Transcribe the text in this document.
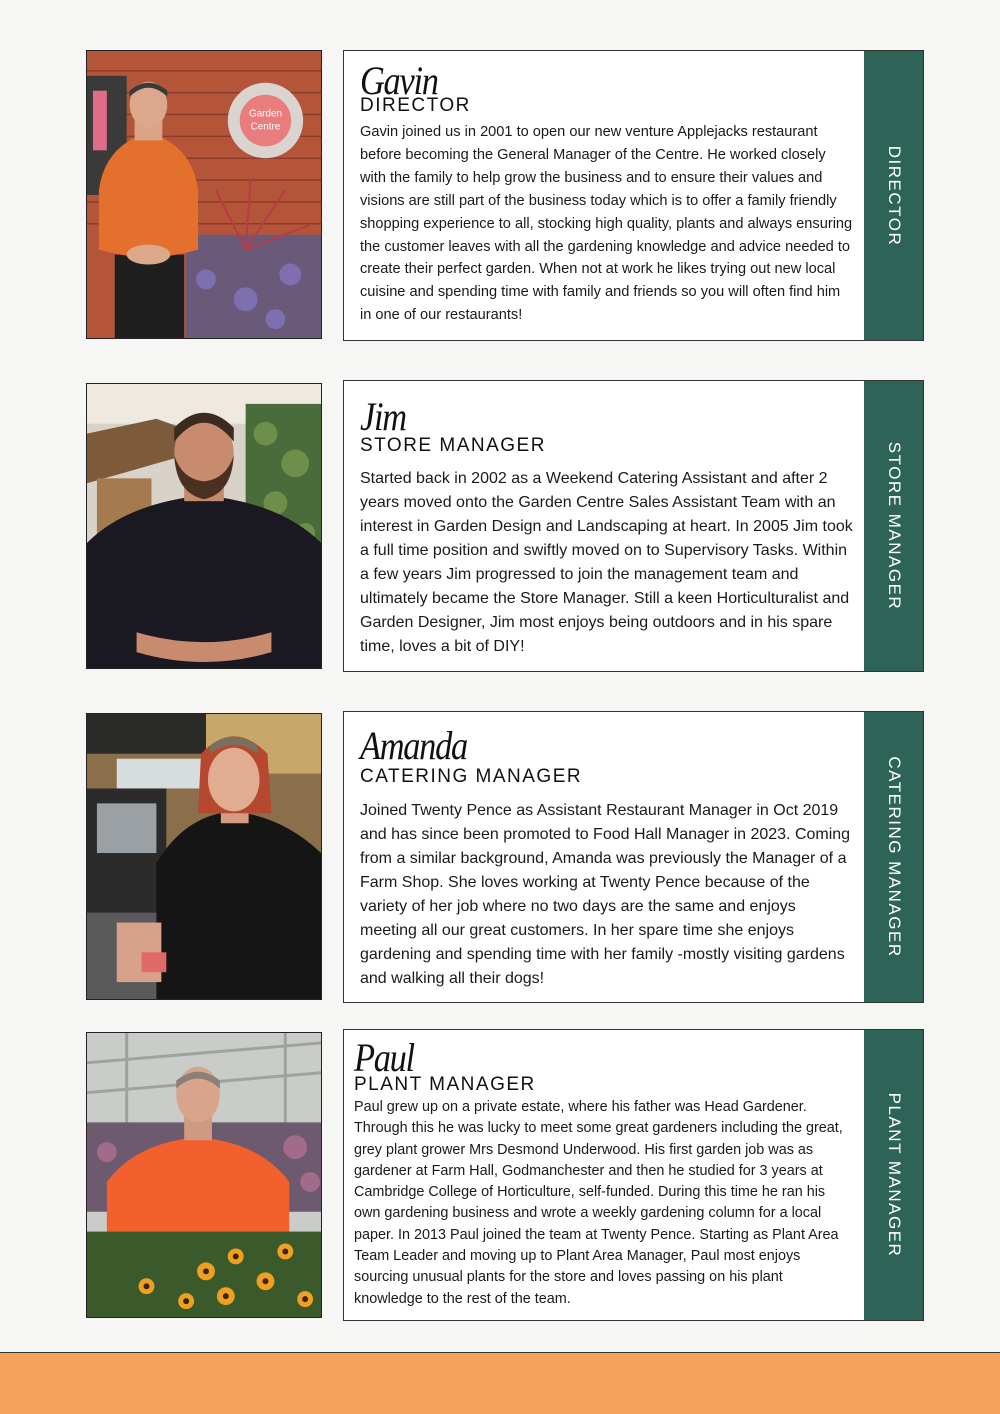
Garden
Centre
Gavin
DIRECTOR

Gavin joined us in 2001 to open our new venture Applejacks restaurant before becoming the General Manager of the Centre. He worked closely with the family to help grow the business and to ensure their values and visions are still part of the business today which is to offer a family friendly shopping experience to all, stocking high quality, plants and always ensuring the customer leaves with all the gardening knowledge and advice needed to create their perfect garden. When not at work he likes trying out new local cuisine and spending time with family and friends so you will often find him in one of our restaurants!

DIRECTOR
Jim
STORE MANAGER

Started back in 2002 as a Weekend Catering Assistant and after 2 years moved onto the Garden Centre Sales Assistant Team with an interest in Garden Design and Landscaping at heart. In 2005 Jim took a full time position and swiftly moved on to Supervisory Tasks. Within a few years Jim progressed to join the management team and ultimately became the Store Manager. Still a keen Horticulturalist and Garden Designer, Jim most enjoys being outdoors and in his spare time, loves a bit of DIY!

STORE MANAGER
Amanda
CATERING MANAGER

Joined Twenty Pence as Assistant Restaurant Manager in Oct 2019 and has since been promoted to Food Hall Manager in 2023. Coming from a similar background, Amanda was previously the Manager of a Farm Shop. She loves working at Twenty Pence because of the variety of her job where no two days are the same and enjoys meeting all our great customers. In her spare time she enjoys gardening and spending time with her family -mostly visiting gardens and walking all their dogs!

CATERING MANAGER
Paul
PLANT MANAGER

Paul grew up on a private estate, where his father was Head Gardener. Through this he was lucky to meet some great gardeners including the great, grey plant grower Mrs Desmond Underwood. His first garden job was as gardener at Farm Hall, Godmanchester and then he studied for 3 years at Cambridge College of Horticulture, self-funded. During this time he ran his own gardening business and wrote a weekly gardening column for a local paper. In 2013 Paul joined the team at Twenty Pence. Starting as Plant Area Team Leader and moving up to Plant Area Manager, Paul most enjoys sourcing unusual plants for the store and loves passing on his plant knowledge to the rest of the team.

PLANT MANAGER
